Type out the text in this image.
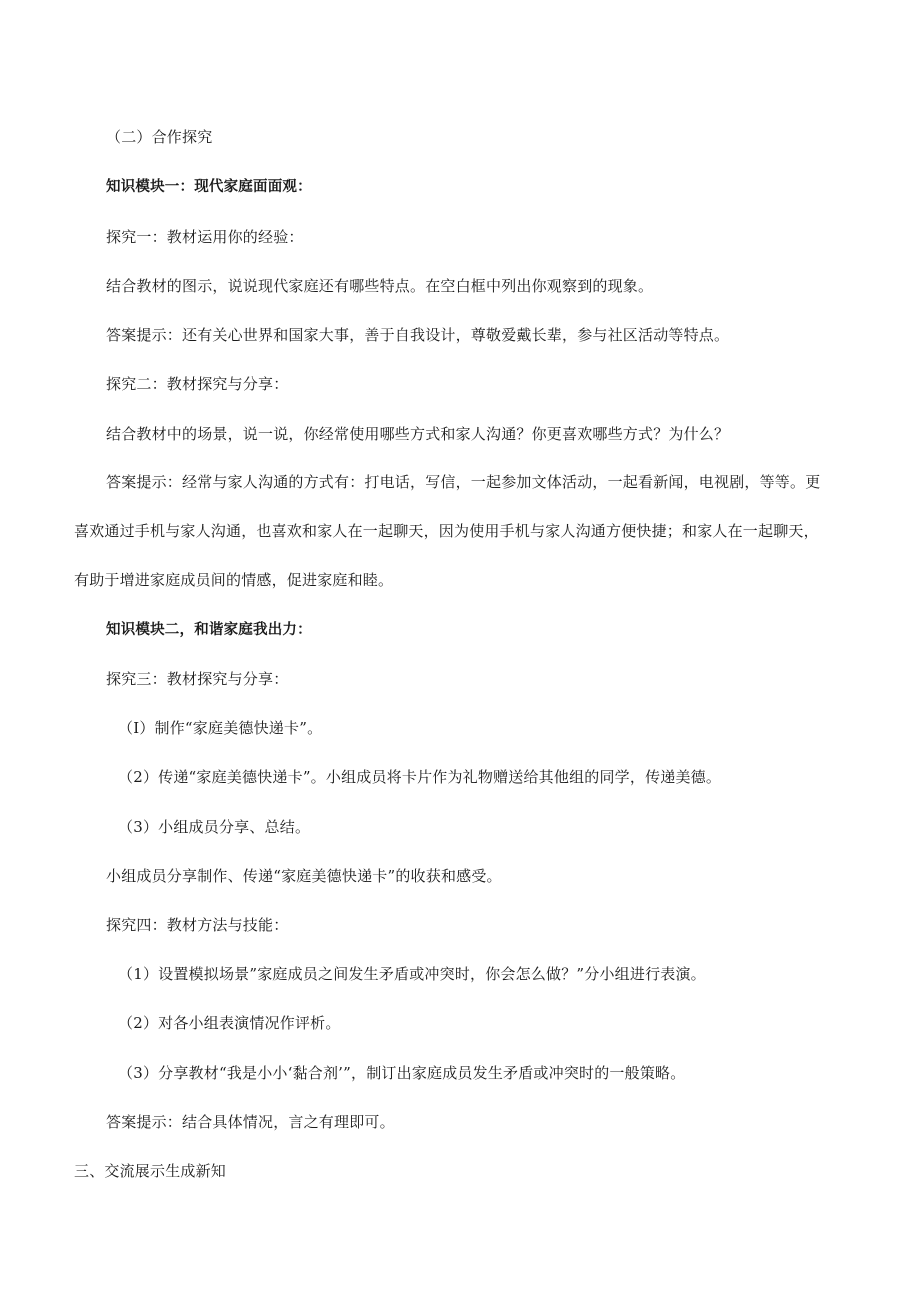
（二）合作探究
知识模块一：现代家庭面面观：
探究一：教材运用你的经验：
结合教材的图示，说说现代家庭还有哪些特点。在空白框中列出你观察到的现象。
答案提示：还有关心世界和国家大事，善于自我设计，尊敬爱戴长辈，参与社区活动等特点。
探究二：教材探究与分享：
结合教材中的场景，说一说，你经常使用哪些方式和家人沟通？你更喜欢哪些方式？为什么？
答案提示：经常与家人沟通的方式有：打电话，写信，一起参加文体活动，一起看新闻，电视剧，等等。更
喜欢通过手机与家人沟通，也喜欢和家人在一起聊天，因为使用手机与家人沟通方便快捷；和家人在一起聊天，
有助于增进家庭成员间的情感，促进家庭和睦。
知识模块二，和谐家庭我出力：
探究三：教材探究与分享：
（I）制作“家庭美德快递卡”。
（2）传递“家庭美德快递卡”。小组成员将卡片作为礼物赠送给其他组的同学，传递美德。
（3）小组成员分享、总结。
小组成员分享制作、传递“家庭美德快递卡”的收获和感受。
探究四：教材方法与技能：
（1）设置模拟场景”家庭成员之间发生矛盾或冲突时，你会怎么做？”分小组进行表演。
（2）对各小组表演情况作评析。
（3）分享教材“我是小小‘黏合剂’”，制订出家庭成员发生矛盾或冲突时的一般策略。
答案提示：结合具体情况，言之有理即可。
三、交流展示生成新知
